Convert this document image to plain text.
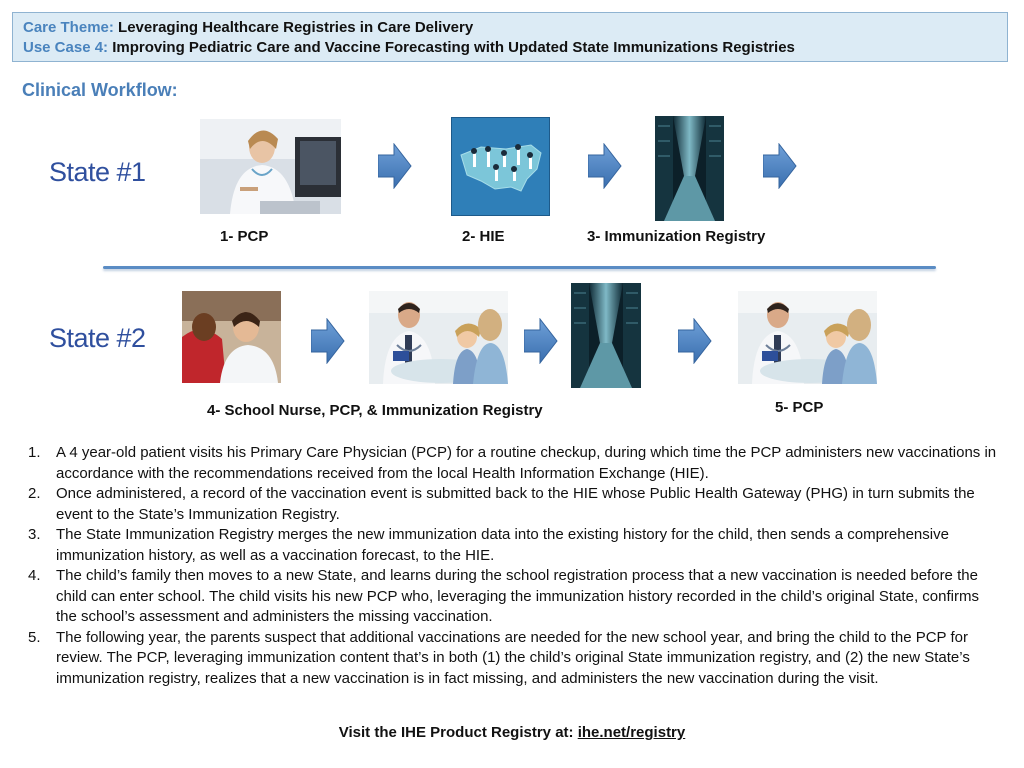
Care Theme: Leveraging Healthcare Registries in Care Delivery
Use Case 4: Improving Pediatric Care and Vaccine Forecasting with Updated State Immunizations Registries
Clinical Workflow:
State #1
1- PCP	2- HIE	3- Immunization Registry
State #2
4- School Nurse, PCP, & Immunization Registry	5- PCP
1. A 4 year-old patient visits his Primary Care Physician (PCP) for a routine checkup, during which time the PCP administers new vaccinations in accordance with the recommendations received from the local Health Information Exchange (HIE).
2. Once administered, a record of the vaccination event is submitted back to the HIE whose Public Health Gateway (PHG) in turn submits the event to the State’s Immunization Registry.
3. The State Immunization Registry merges the new immunization data into the existing history for the child, then sends a comprehensive immunization history, as well as a vaccination forecast, to the HIE.
4. The child’s family then moves to a new State, and learns during the school registration process that a new vaccination is needed before the child can enter school. The child visits his new PCP who, leveraging the immunization history recorded in the child’s original State, confirms the school’s assessment and administers the missing vaccination.
5. The following year, the parents suspect that additional vaccinations are needed for the new school year, and bring the child to the PCP for review. The PCP, leveraging immunization content that’s in both (1) the child’s original State immunization registry, and (2) the new State’s immunization registry, realizes that a new vaccination is in fact missing, and administers the new vaccination during the visit.
Visit the IHE Product Registry at: ihe.net/registry
